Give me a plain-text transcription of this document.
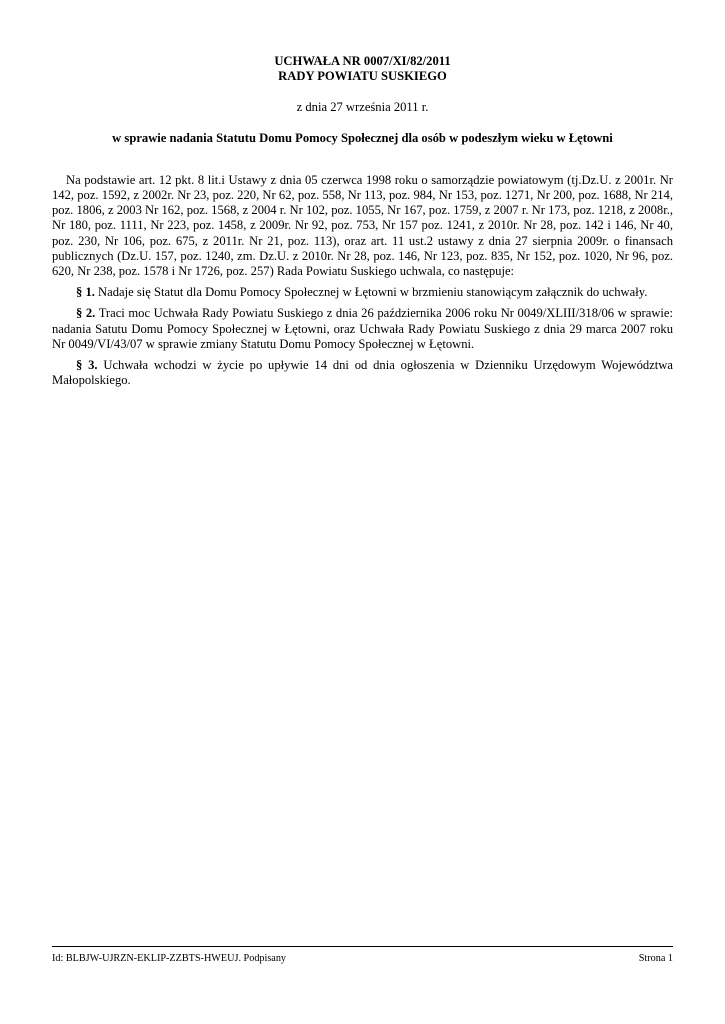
UCHWAŁA NR 0007/XI/82/2011
RADY POWIATU SUSKIEGO
z dnia 27 września 2011 r.
w sprawie nadania Statutu Domu Pomocy Społecznej dla osób w podeszłym wieku w Łętowni
Na podstawie art. 12 pkt. 8 lit.i Ustawy z dnia 05 czerwca 1998 roku o samorządzie powiatowym (tj.Dz.U. z 2001r. Nr 142, poz. 1592, z 2002r. Nr 23, poz. 220, Nr 62, poz. 558, Nr 113, poz. 984, Nr 153, poz. 1271, Nr 200, poz. 1688, Nr 214, poz. 1806, z 2003 Nr 162, poz. 1568, z 2004 r. Nr 102, poz. 1055, Nr 167, poz. 1759, z 2007 r. Nr 173, poz. 1218, z 2008r., Nr 180, poz. 1111, Nr 223, poz. 1458, z 2009r. Nr 92, poz. 753, Nr 157 poz. 1241, z 2010r. Nr 28, poz. 142 i 146, Nr 40, poz. 230, Nr 106, poz. 675, z 2011r. Nr 21, poz. 113), oraz art. 11 ust.2 ustawy z dnia 27 sierpnia 2009r. o finansach publicznych (Dz.U. 157, poz. 1240, zm. Dz.U. z 2010r. Nr 28, poz. 146, Nr 123, poz. 835, Nr 152, poz. 1020, Nr 96, poz. 620, Nr 238, poz. 1578 i Nr 1726, poz. 257) Rada Powiatu Suskiego uchwala, co następuje:
§ 1. Nadaje się Statut dla Domu Pomocy Społecznej w Łętowni w brzmieniu stanowiącym załącznik do uchwały.
§ 2. Traci moc Uchwała Rady Powiatu Suskiego z dnia 26 października 2006 roku Nr 0049/XLIII/318/06 w sprawie: nadania Satutu Domu Pomocy Społecznej w Łętowni, oraz Uchwała Rady Powiatu Suskiego z dnia 29 marca 2007 roku Nr 0049/VI/43/07 w sprawie zmiany Statutu Domu Pomocy Społecznej w Łętowni.
§ 3. Uchwała wchodzi w życie po upływie 14 dni od dnia ogłoszenia w Dzienniku Urzędowym Województwa Małopolskiego.
Id: BLBJW-UJRZN-EKLIP-ZZBTS-HWEUJ. Podpisany	Strona 1
